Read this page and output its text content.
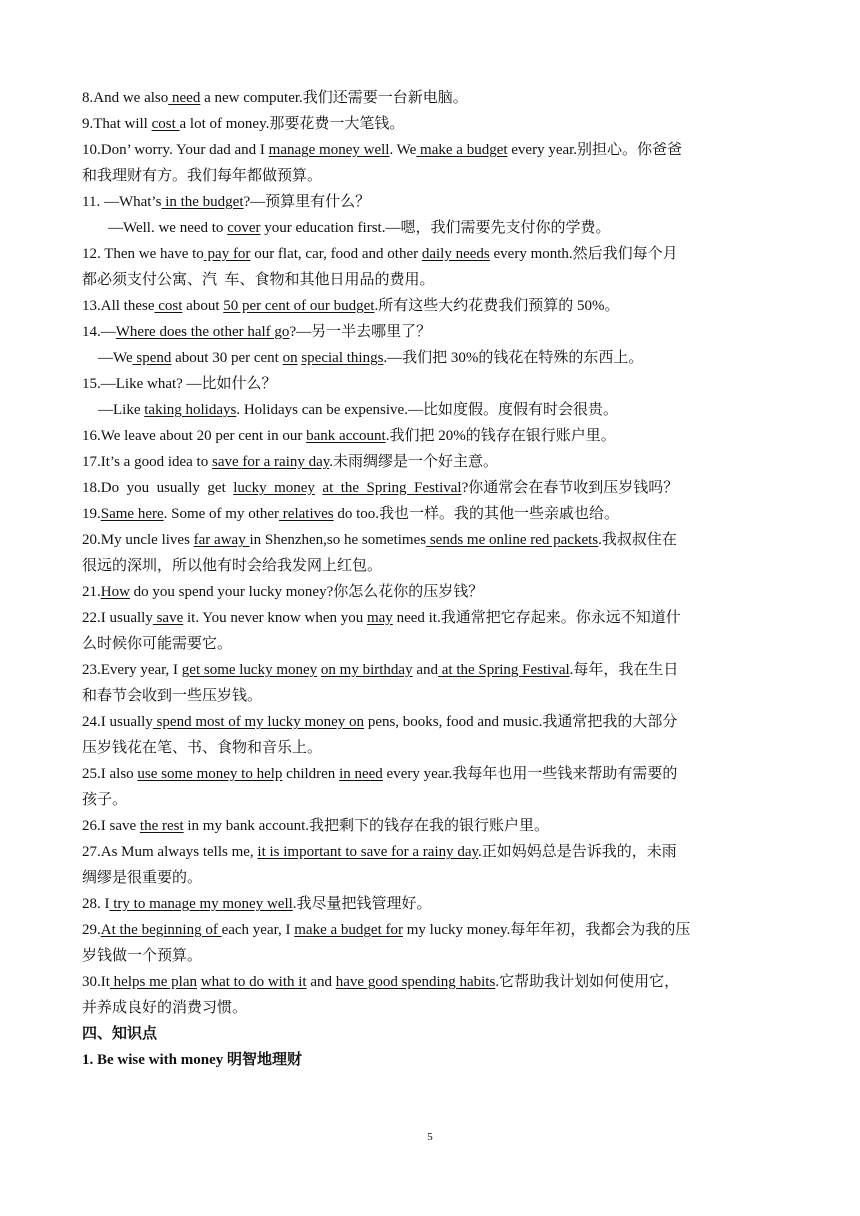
8.And we also need a new computer.我们还需要一台新电脑。
9.That will cost a lot of money.那要花费一大笔钱。
10.Don’ worry. Your dad and I manage money well. We make a budget every year.别担心。你爸爸
和我理财有方。我们每年都做预算。
11. —What’s in the budget?—预算里有什么？
—Well. we need to cover your education first.—嗯，我们需要先支付你的学费。
12. Then we have to pay for our flat, car, food and other daily needs every month.然后我们每个月
都必须支付公寓、汽  车、食物和其他日用品的费用。
13.All these cost about 50 per cent of our budget.所有这些大约花费我们预算的 50%。
14.—Where does the other half go?—另一半去哪里了？
—We spend about 30 per cent on special things.—我们把 30%的钱花在特殊的东西上。
15.—Like what? —比如什么？
—Like taking holidays. Holidays can be expensive.—比如度假。度假有时会很贵。
16.We leave about 20 per cent in our bank account.我们把 20%的钱存在银行账户里。
17.It’s a good idea to save for a rainy day.未雨绸缪是一个好主意。
18.Do  you  usually  get  lucky  money at  the  Spring  Festival?你通常会在春节收到压岁钱吗？
19.Same here. Some of my other relatives do too.我也一样。我的其他一些亲戚也给。
20.My uncle lives far away in Shenzhen,so he sometimes sends me online red packets.我叔叔住在
很远的深圳，所以他有时会给我发网上红包。
21.How do you spend your lucky money?你怎么花你的压岁钱？
22.I usually save it. You never know when you may need it.我通常把它存起来。你永远不知道什
么时候你可能需要它。
23.Every year, I get some lucky money on my birthday and at the Spring Festival.每年，我在生日
和春节会收到一些压岁钱。
24.I usually spend most of my lucky money on pens, books, food and music.我通常把我的大部分
压岁钱花在笔、书、食物和音乐上。
25.I also use some money to help children in need every year.我每年也用一些钱来帮助有需要的
孩子。
26.I save the rest in my bank account.我把剩下的钱存在我的银行账户里。
27.As Mum always tells me, it is important to save for a rainy day.正如妈妈总是告诉我的，未雨
绸缪是很重要的。
28. I try to manage my money well.我尽量把钱管理好。
29.At the beginning of each year, I make a budget for my lucky money.每年年初，我都会为我的压
岁钱做一个预算。
30.It helps me plan what to do with it and have good spending habits.它帮助我计划如何使用它，
并养成良好的消费习惯。
四、知识点
1. Be wise with money 明智地理财
5
